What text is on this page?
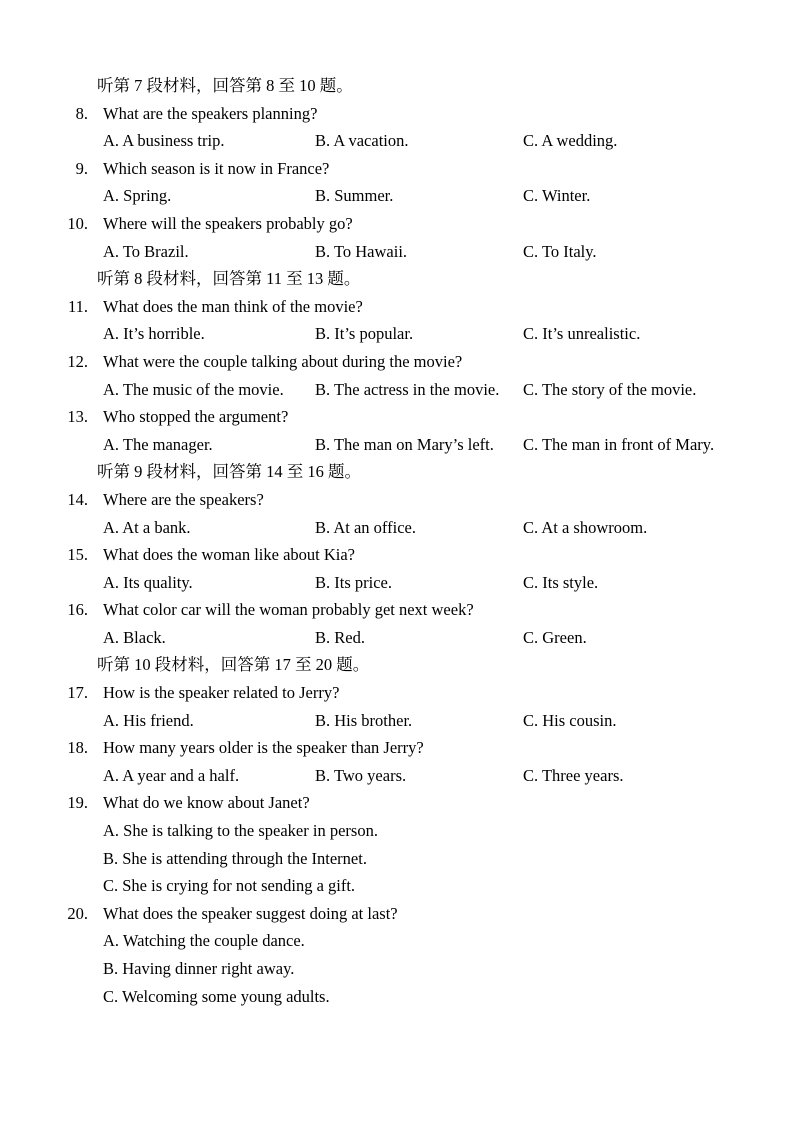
听第 7 段材料，回答第 8 至 10 题。
8. What are the speakers planning?
A. A business trip.	B. A vacation.	C. A wedding.
9. Which season is it now in France?
A. Spring.	B. Summer.	C. Winter.
10. Where will the speakers probably go?
A. To Brazil.	B. To Hawaii.	C. To Italy.
听第 8 段材料，回答第 11 至 13 题。
11. What does the man think of the movie?
A. It’s horrible.	B. It’s popular.	C. It’s unrealistic.
12. What were the couple talking about during the movie?
A. The music of the movie.	B. The actress in the movie.	C. The story of the movie.
13. Who stopped the argument?
A. The manager.	B. The man on Mary’s left.	C. The man in front of Mary.
听第 9 段材料，回答第 14 至 16 题。
14. Where are the speakers?
A. At a bank.	B. At an office.	C. At a showroom.
15. What does the woman like about Kia?
A. Its quality.	B. Its price.	C. Its style.
16. What color car will the woman probably get next week?
A. Black.	B. Red.	C. Green.
听第 10 段材料，回答第 17 至 20 题。
17. How is the speaker related to Jerry?
A. His friend.	B. His brother.	C. His cousin.
18. How many years older is the speaker than Jerry?
A. A year and a half.	B. Two years.	C. Three years.
19. What do we know about Janet?
A. She is talking to the speaker in person.
B. She is attending through the Internet.
C. She is crying for not sending a gift.
20. What does the speaker suggest doing at last?
A. Watching the couple dance.
B. Having dinner right away.
C. Welcoming some young adults.
